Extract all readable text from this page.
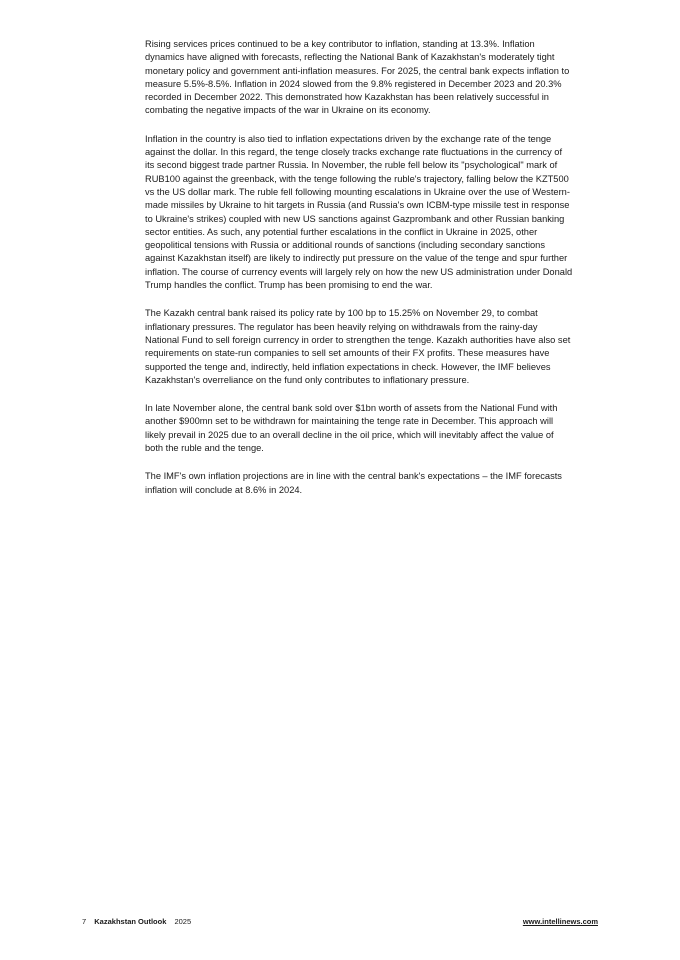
Rising services prices continued to be a key contributor to inflation, standing at 13.3%. Inflation dynamics have aligned with forecasts, reflecting the National Bank of Kazakhstan's moderately tight monetary policy and government anti-inflation measures. For 2025, the central bank expects inflation to measure 5.5%-8.5%. Inflation in 2024 slowed from the 9.8% registered in December 2023 and 20.3% recorded in December 2022. This demonstrated how Kazakhstan has been relatively successful in combating the negative impacts of the war in Ukraine on its economy.

Inflation in the country is also tied to inflation expectations driven by the exchange rate of the tenge against the dollar. In this regard, the tenge closely tracks exchange rate fluctuations in the currency of its second biggest trade partner Russia. In November, the ruble fell below its "psychological" mark of RUB100 against the greenback, with the tenge following the ruble's trajectory, falling below the KZT500 vs the US dollar mark. The ruble fell following mounting escalations in Ukraine over the use of Western-made missiles by Ukraine to hit targets in Russia (and Russia's own ICBM-type missile test in response to Ukraine's strikes) coupled with new US sanctions against Gazprombank and other Russian banking sector entities. As such, any potential further escalations in the conflict in Ukraine in 2025, other geopolitical tensions with Russia or additional rounds of sanctions (including secondary sanctions against Kazakhstan itself) are likely to indirectly put pressure on the value of the tenge and spur further inflation. The course of currency events will largely rely on how the new US administration under Donald Trump handles the conflict. Trump has been promising to end the war.

The Kazakh central bank raised its policy rate by 100 bp to 15.25% on November 29, to combat inflationary pressures. The regulator has been heavily relying on withdrawals from the rainy-day National Fund to sell foreign currency in order to strengthen the tenge. Kazakh authorities have also set requirements on state-run companies to sell set amounts of their FX profits. These measures have supported the tenge and, indirectly, held inflation expectations in check. However, the IMF believes Kazakhstan's overreliance on the fund only contributes to inflationary pressure.

In late November alone, the central bank sold over $1bn worth of assets from the National Fund with another $900mn set to be withdrawn for maintaining the tenge rate in December. This approach will likely prevail in 2025 due to an overall decline in the oil price, which will inevitably affect the value of both the ruble and the tenge.

The IMF's own inflation projections are in line with the central bank's expectations – the IMF forecasts inflation will conclude at 8.6% in 2024.

7 Kazakhstan Outlook 2025	www.intellinews.com
